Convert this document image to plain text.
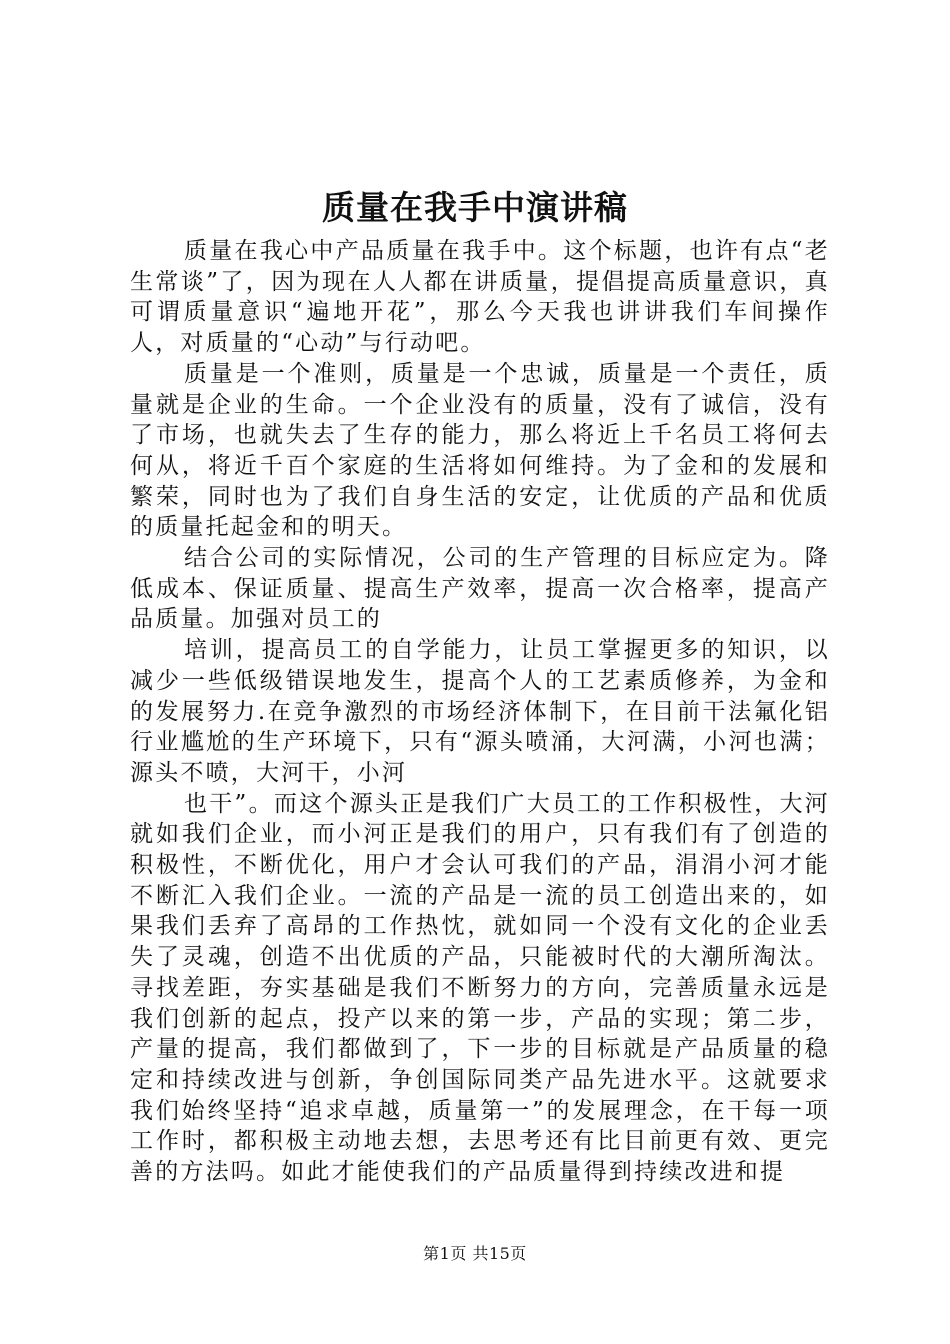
质量在我手中演讲稿

质量在我心中产品质量在我手中。这个标题，也许有点“老生常谈”了，因为现在人人都在讲质量，提倡提高质量意识，真可谓质量意识“遍地开花”，那么今天我也讲讲我们车间操作人，对质量的“心动”与行动吧。

质量是一个准则，质量是一个忠诚，质量是一个责任，质量就是企业的生命。一个企业没有的质量，没有了诚信，没有了市场，也就失去了生存的能力，那么将近上千名员工将何去何从，将近千百个家庭的生活将如何维持。为了金和的发展和繁荣，同时也为了我们自身生活的安定，让优质的产品和优质的质量托起金和的明天。

结合公司的实际情况，公司的生产管理的目标应定为。降低成本、保证质量、提高生产效率，提高一次合格率，提高产品质量。加强对员工的

培训，提高员工的自学能力，让员工掌握更多的知识，以减少一些低级错误地发生，提高个人的工艺素质修养，为金和的发展努力.在竞争激烈的市场经济体制下，在目前干法氟化铝行业尴尬的生产环境下，只有“源头喷涌，大河满，小河也满；源头不喷，大河干，小河

也干”。而这个源头正是我们广大员工的工作积极性，大河就如我们企业，而小河正是我们的用户，只有我们有了创造的积极性，不断优化，用户才会认可我们的产品，涓涓小河才能不断汇入我们企业。一流的产品是一流的员工创造出来的，如果我们丢弃了高昂的工作热忱，就如同一个没有文化的企业丢失了灵魂，创造不出优质的产品，只能被时代的大潮所淘汰。寻找差距，夯实基础是我们不断努力的方向，完善质量永远是我们创新的起点，投产以来的第一步，产品的实现；第二步，产量的提高，我们都做到了，下一步的目标就是产品质量的稳定和持续改进与创新，争创国际同类产品先进水平。这就要求我们始终坚持“追求卓越，质量第一”的发展理念，在干每一项工作时，都积极主动地去想，去思考还有比目前更有效、更完善的方法吗。如此才能使我们的产品质量得到持续改进和提

第1页 共15页
